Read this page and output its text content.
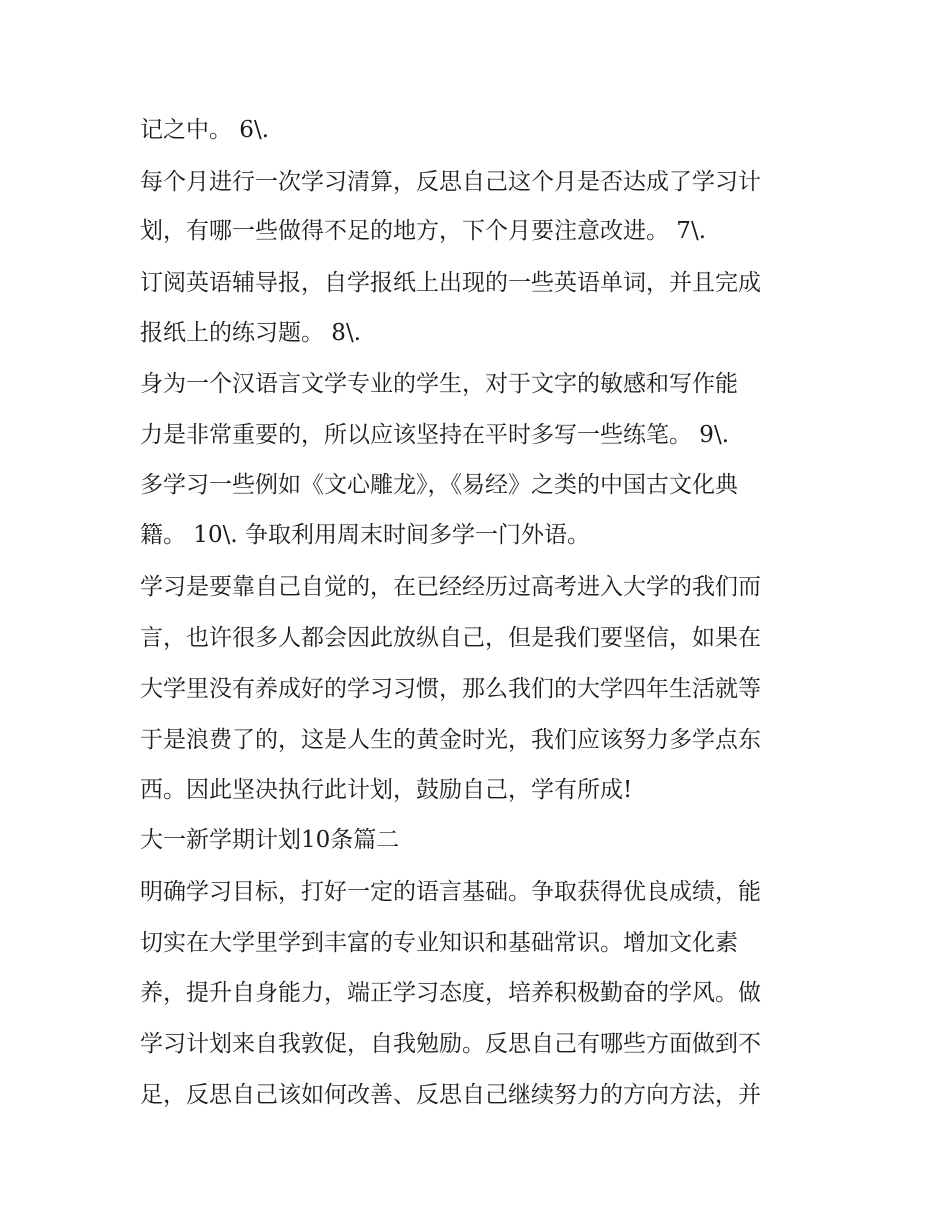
记之中。 6\.
每个月进行一次学习清算，反思自己这个月是否达成了学习计
划，有哪一些做得不足的地方，下个月要注意改进。 7\.
订阅英语辅导报，自学报纸上出现的一些英语单词，并且完成
报纸上的练习题。 8\.
身为一个汉语言文学专业的学生，对于文字的敏感和写作能
力是非常重要的，所以应该坚持在平时多写一些练笔。 9\.
多学习一些例如《文心雕龙》，《易经》之类的中国古文化典
籍。 10\. 争取利用周末时间多学一门外语。
学习是要靠自己自觉的，在已经经历过高考进入大学的我们而
言，也许很多人都会因此放纵自己，但是我们要坚信，如果在
大学里没有养成好的学习习惯，那么我们的大学四年生活就等
于是浪费了的，这是人生的黄金时光，我们应该努力多学点东
西。因此坚决执行此计划，鼓励自己，学有所成!
大一新学期计划10条篇二
明确学习目标，打好一定的语言基础。争取获得优良成绩，能
切实在大学里学到丰富的专业知识和基础常识。增加文化素
养，提升自身能力，端正学习态度，培养积极勤奋的学风。做
学习计划来自我敦促，自我勉励。反思自己有哪些方面做到不
足，反思自己该如何改善、反思自己继续努力的方向方法，并
